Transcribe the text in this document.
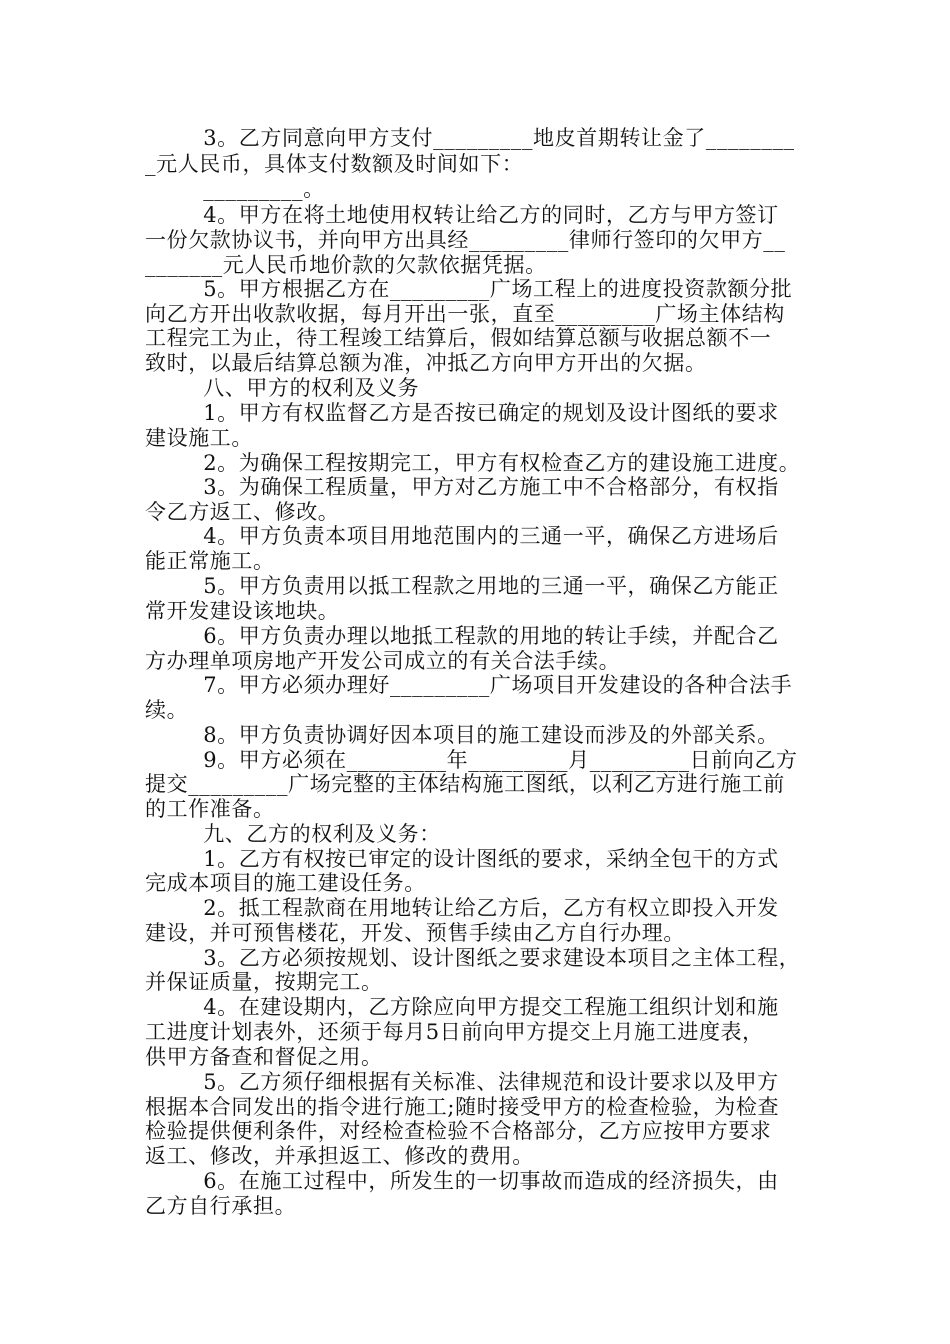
3。乙方同意向甲方支付_________地皮首期转让金了________
_元人民币，具体支付数额及时间如下：
_________。
4。甲方在将土地使用权转让给乙方的同时，乙方与甲方签订
一份欠款协议书，并向甲方出具经_________律师行签印的欠甲方__
_______元人民币地价款的欠款依据凭据。
5。甲方根据乙方在_________广场工程上的进度投资款额分批
向乙方开出收款收据，每月开出一张，直至_________广场主体结构
工程完工为止，待工程竣工结算后，假如结算总额与收据总额不一
致时，以最后结算总额为准，冲抵乙方向甲方开出的欠据。
八、甲方的权利及义务
1。甲方有权监督乙方是否按已确定的规划及设计图纸的要求
建设施工。
2。为确保工程按期完工，甲方有权检查乙方的建设施工进度。
3。为确保工程质量，甲方对乙方施工中不合格部分，有权指
令乙方返工、修改。
4。甲方负责本项目用地范围内的三通一平，确保乙方进场后
能正常施工。
5。甲方负责用以抵工程款之用地的三通一平，确保乙方能正
常开发建设该地块。
6。甲方负责办理以地抵工程款的用地的转让手续，并配合乙
方办理单项房地产开发公司成立的有关合法手续。
7。甲方必须办理好_________广场项目开发建设的各种合法手
续。
8。甲方负责协调好因本项目的施工建设而涉及的外部关系。
9。甲方必须在_________年_________月_________日前向乙方
提交_________广场完整的主体结构施工图纸，以利乙方进行施工前
的工作准备。
九、乙方的权利及义务：
1。乙方有权按已审定的设计图纸的要求，采纳全包干的方式
完成本项目的施工建设任务。
2。抵工程款商在用地转让给乙方后，乙方有权立即投入开发
建设，并可预售楼花，开发、预售手续由乙方自行办理。
3。乙方必须按规划、设计图纸之要求建设本项目之主体工程，
并保证质量，按期完工。
4。在建设期内，乙方除应向甲方提交工程施工组织计划和施
工进度计划表外，还须于每月5日前向甲方提交上月施工进度表，
供甲方备查和督促之用。
5。乙方须仔细根据有关标准、法律规范和设计要求以及甲方
根据本合同发出的指令进行施工;随时接受甲方的检查检验，为检查
检验提供便利条件，对经检查检验不合格部分，乙方应按甲方要求
返工、修改，并承担返工、修改的费用。
6。在施工过程中，所发生的一切事故而造成的经济损失，由
乙方自行承担。
